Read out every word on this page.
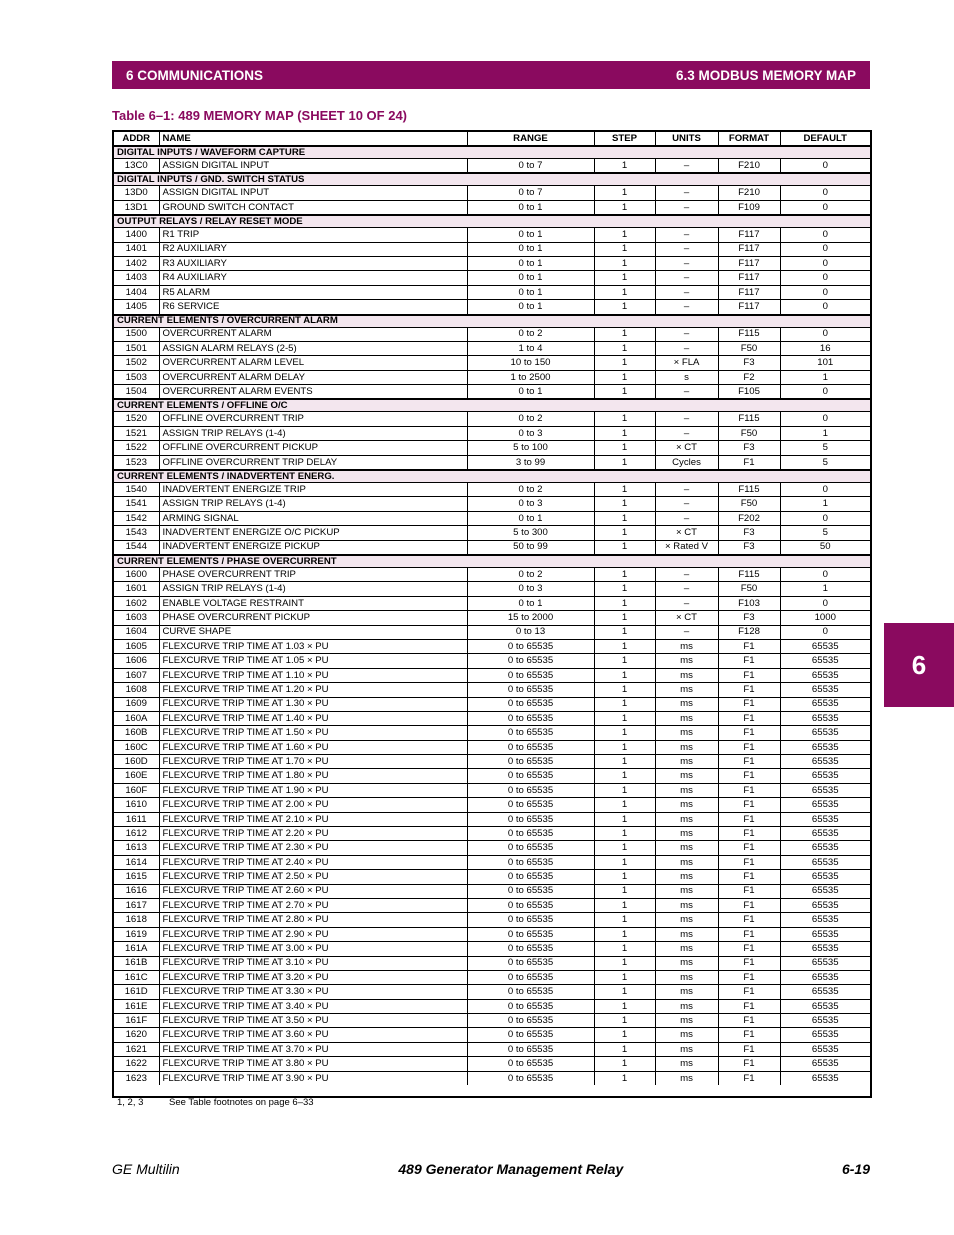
6 COMMUNICATIONS	6.3 MODBUS MEMORY MAP
Table 6–1: 489 MEMORY MAP (SHEET 10 OF 24)
ADDR	NAME	RANGE	STEP	UNITS	FORMAT	DEFAULT
DIGITAL INPUTS / WAVEFORM CAPTURE						
13C0	ASSIGN DIGITAL INPUT	0 to 7	1	–	F210	0
DIGITAL INPUTS / GND. SWITCH STATUS						
13D0	ASSIGN DIGITAL INPUT	0 to 7	1	–	F210	0
13D1	GROUND SWITCH CONTACT	0 to 1	1	–	F109	0
OUTPUT RELAYS / RELAY RESET MODE						
1400	R1 TRIP	0 to 1	1	–	F117	0
1401	R2 AUXILIARY	0 to 1	1	–	F117	0
1402	R3 AUXILIARY	0 to 1	1	–	F117	0
1403	R4 AUXILIARY	0 to 1	1	–	F117	0
1404	R5 ALARM	0 to 1	1	–	F117	0
1405	R6 SERVICE	0 to 1	1	–	F117	0
CURRENT ELEMENTS / OVERCURRENT ALARM						
1500	OVERCURRENT ALARM	0 to 2	1	–	F115	0
1501	ASSIGN ALARM RELAYS (2-5)	1 to 4	1	–	F50	16
1502	OVERCURRENT ALARM LEVEL	10 to 150	1	× FLA	F3	101
1503	OVERCURRENT ALARM DELAY	1 to 2500	1	s	F2	1
1504	OVERCURRENT ALARM EVENTS	0 to 1	1	–	F105	0
CURRENT ELEMENTS / OFFLINE O/C						
1520	OFFLINE OVERCURRENT TRIP	0 to 2	1	–	F115	0
1521	ASSIGN TRIP RELAYS (1-4)	0 to 3	1	–	F50	1
1522	OFFLINE OVERCURRENT PICKUP	5 to 100	1	× CT	F3	5
1523	OFFLINE OVERCURRENT TRIP DELAY	3 to 99	1	Cycles	F1	5
CURRENT ELEMENTS / INADVERTENT ENERG.						
1540	INADVERTENT ENERGIZE TRIP	0 to 2	1	–	F115	0
1541	ASSIGN TRIP RELAYS (1-4)	0 to 3	1	–	F50	1
1542	ARMING SIGNAL	0 to 1	1	–	F202	0
1543	INADVERTENT ENERGIZE O/C PICKUP	5 to 300	1	× CT	F3	5
1544	INADVERTENT ENERGIZE PICKUP	50 to 99	1	× Rated V	F3	50
CURRENT ELEMENTS / PHASE OVERCURRENT						
1600	PHASE OVERCURRENT TRIP	0 to 2	1	–	F115	0
1601	ASSIGN TRIP RELAYS (1-4)	0 to 3	1	–	F50	1
1602	ENABLE VOLTAGE RESTRAINT	0 to 1	1	–	F103	0
1603	PHASE OVERCURRENT PICKUP	15 to 2000	1	× CT	F3	1000
1604	CURVE SHAPE	0 to 13	1	–	F128	0
1605	FLEXCURVE TRIP TIME AT 1.03 × PU	0 to 65535	1	ms	F1	65535
1606	FLEXCURVE TRIP TIME AT 1.05 × PU	0 to 65535	1	ms	F1	65535
1607	FLEXCURVE TRIP TIME AT 1.10 × PU	0 to 65535	1	ms	F1	65535
1608	FLEXCURVE TRIP TIME AT 1.20 × PU	0 to 65535	1	ms	F1	65535
1609	FLEXCURVE TRIP TIME AT 1.30 × PU	0 to 65535	1	ms	F1	65535
160A	FLEXCURVE TRIP TIME AT 1.40 × PU	0 to 65535	1	ms	F1	65535
160B	FLEXCURVE TRIP TIME AT 1.50 × PU	0 to 65535	1	ms	F1	65535
160C	FLEXCURVE TRIP TIME AT 1.60 × PU	0 to 65535	1	ms	F1	65535
160D	FLEXCURVE TRIP TIME AT 1.70 × PU	0 to 65535	1	ms	F1	65535
160E	FLEXCURVE TRIP TIME AT 1.80 × PU	0 to 65535	1	ms	F1	65535
160F	FLEXCURVE TRIP TIME AT 1.90 × PU	0 to 65535	1	ms	F1	65535
1610	FLEXCURVE TRIP TIME AT 2.00 × PU	0 to 65535	1	ms	F1	65535
1611	FLEXCURVE TRIP TIME AT 2.10 × PU	0 to 65535	1	ms	F1	65535
1612	FLEXCURVE TRIP TIME AT 2.20 × PU	0 to 65535	1	ms	F1	65535
1613	FLEXCURVE TRIP TIME AT 2.30 × PU	0 to 65535	1	ms	F1	65535
1614	FLEXCURVE TRIP TIME AT 2.40 × PU	0 to 65535	1	ms	F1	65535
1615	FLEXCURVE TRIP TIME AT 2.50 × PU	0 to 65535	1	ms	F1	65535
1616	FLEXCURVE TRIP TIME AT 2.60 × PU	0 to 65535	1	ms	F1	65535
1617	FLEXCURVE TRIP TIME AT 2.70 × PU	0 to 65535	1	ms	F1	65535
1618	FLEXCURVE TRIP TIME AT 2.80 × PU	0 to 65535	1	ms	F1	65535
1619	FLEXCURVE TRIP TIME AT 2.90 × PU	0 to 65535	1	ms	F1	65535
161A	FLEXCURVE TRIP TIME AT 3.00 × PU	0 to 65535	1	ms	F1	65535
161B	FLEXCURVE TRIP TIME AT 3.10 × PU	0 to 65535	1	ms	F1	65535
161C	FLEXCURVE TRIP TIME AT 3.20 × PU	0 to 65535	1	ms	F1	65535
161D	FLEXCURVE TRIP TIME AT 3.30 × PU	0 to 65535	1	ms	F1	65535
161E	FLEXCURVE TRIP TIME AT 3.40 × PU	0 to 65535	1	ms	F1	65535
161F	FLEXCURVE TRIP TIME AT 3.50 × PU	0 to 65535	1	ms	F1	65535
1620	FLEXCURVE TRIP TIME AT 3.60 × PU	0 to 65535	1	ms	F1	65535
1621	FLEXCURVE TRIP TIME AT 3.70 × PU	0 to 65535	1	ms	F1	65535
1622	FLEXCURVE TRIP TIME AT 3.80 × PU	0 to 65535	1	ms	F1	65535
1623	FLEXCURVE TRIP TIME AT 3.90 × PU	0 to 65535	1	ms	F1	65535
1, 2, 3	See Table footnotes on page 6–33
6
GE Multilin	489 Generator Management Relay	6-19
